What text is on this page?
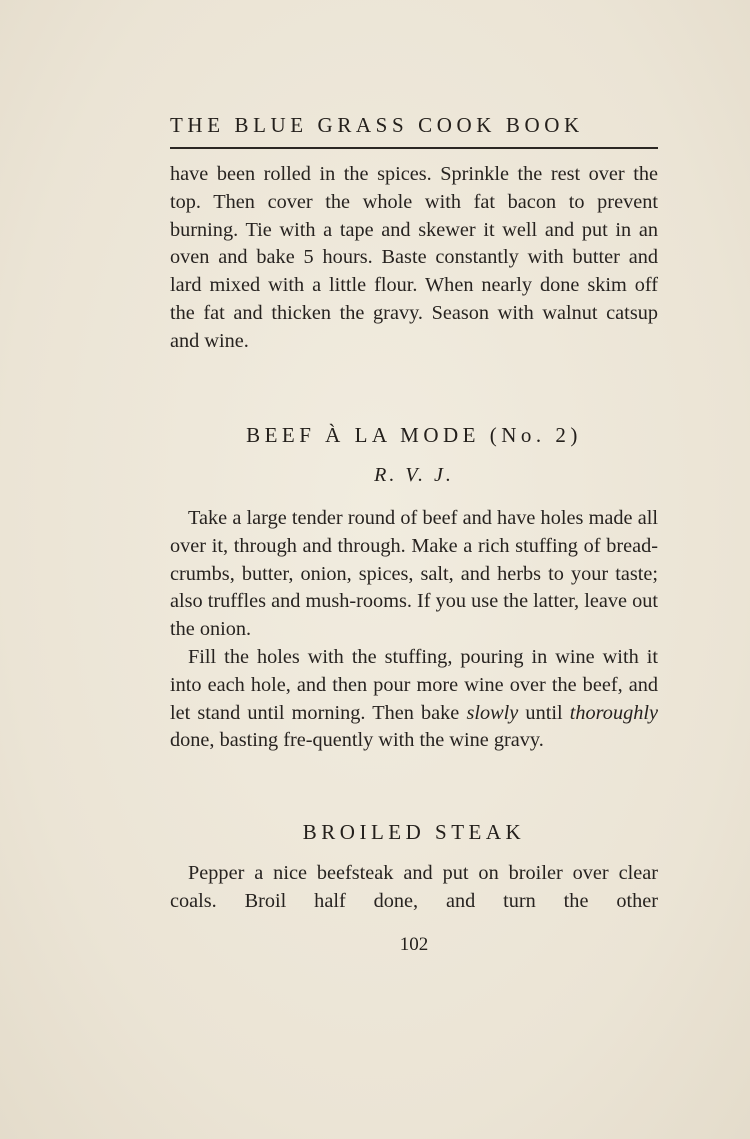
THE BLUE GRASS COOK BOOK

have been rolled in the spices. Sprinkle the rest over the top. Then cover the whole with fat bacon to prevent burning. Tie with a tape and skewer it well and put in an oven and bake 5 hours. Baste constantly with butter and lard mixed with a little flour. When nearly done skim off the fat and thicken the gravy. Season with walnut catsup and wine.

BEEF À LA MODE (No. 2)
R. V. J.

Take a large tender round of beef and have holes made all over it, through and through. Make a rich stuffing of bread-crumbs, butter, onion, spices, salt, and herbs to your taste; also truffles and mush-rooms. If you use the latter, leave out the onion.

Fill the holes with the stuffing, pouring in wine with it into each hole, and then pour more wine over the beef, and let stand until morning. Then bake slowly until thoroughly done, basting fre-quently with the wine gravy.

BROILED STEAK

Pepper a nice beefsteak and put on broiler over clear coals. Broil half done, and turn the other

102
